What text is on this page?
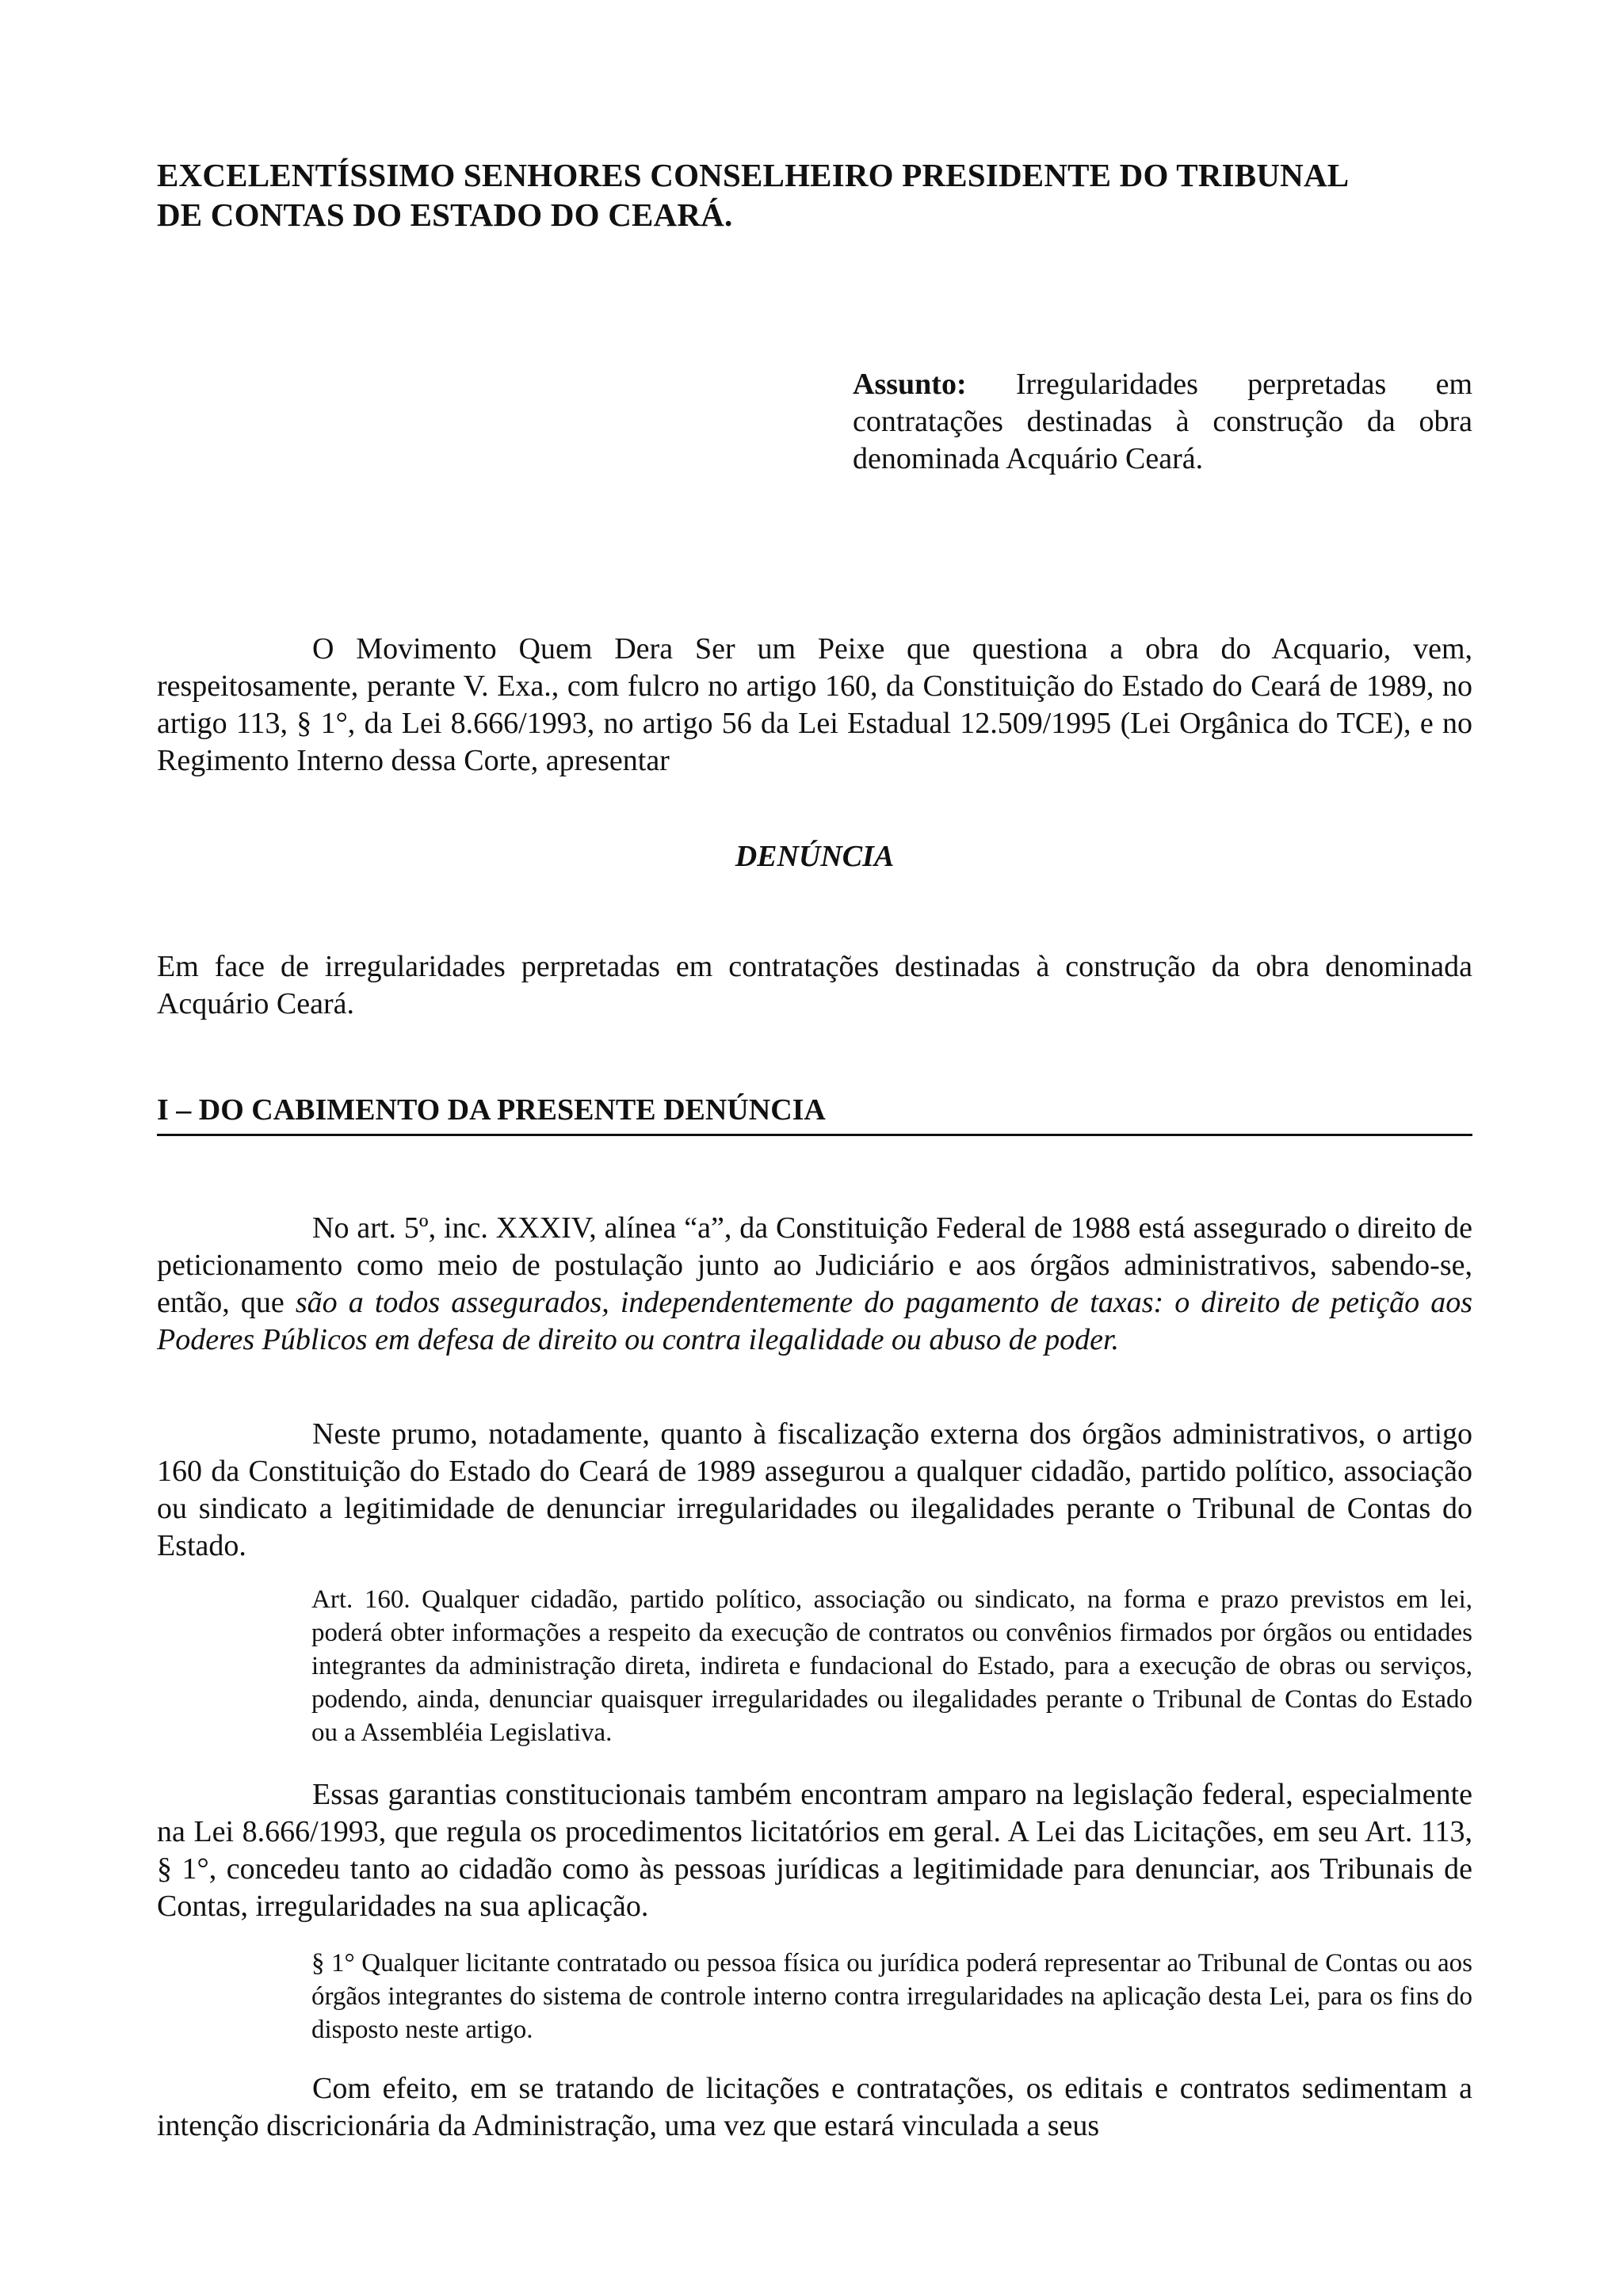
EXCELENTÍSSIMO SENHORES CONSELHEIRO PRESIDENTE DO TRIBUNAL
DE CONTAS DO ESTADO DO CEARÁ.
Assunto: Irregularidades perpretadas em contratações destinadas à construção da obra denominada Acquário Ceará.
O Movimento Quem Dera Ser um Peixe que questiona a obra do Acquario, vem, respeitosamente, perante V. Exa., com fulcro no artigo 160, da Constituição do Estado do Ceará de 1989, no artigo 113, § 1°, da Lei 8.666/1993, no artigo 56 da Lei Estadual 12.509/1995 (Lei Orgânica do TCE), e no Regimento Interno dessa Corte, apresentar
DENÚNCIA
Em face de irregularidades perpretadas em contratações destinadas à construção da obra denominada Acquário Ceará.
I – DO CABIMENTO DA PRESENTE DENÚNCIA
No art. 5º, inc. XXXIV, alínea “a”, da Constituição Federal de 1988 está assegurado o direito de peticionamento como meio de postulação junto ao Judiciário e aos órgãos administrativos, sabendo-se, então, que são a todos assegurados, independentemente do pagamento de taxas: o direito de petição aos Poderes Públicos em defesa de direito ou contra ilegalidade ou abuso de poder.
Neste prumo, notadamente, quanto à fiscalização externa dos órgãos administrativos, o artigo 160 da Constituição do Estado do Ceará de 1989 assegurou a qualquer cidadão, partido político, associação ou sindicato a legitimidade de denunciar irregularidades ou ilegalidades perante o Tribunal de Contas do Estado.
Art. 160. Qualquer cidadão, partido político, associação ou sindicato, na forma e prazo previstos em lei, poderá obter informações a respeito da execução de contratos ou convênios firmados por órgãos ou entidades integrantes da administração direta, indireta e fundacional do Estado, para a execução de obras ou serviços, podendo, ainda, denunciar quaisquer irregularidades ou ilegalidades perante o Tribunal de Contas do Estado ou a Assembléia Legislativa.
Essas garantias constitucionais também encontram amparo na legislação federal, especialmente na Lei 8.666/1993, que regula os procedimentos licitatórios em geral. A Lei das Licitações, em seu Art. 113, § 1°, concedeu tanto ao cidadão como às pessoas jurídicas a legitimidade para denunciar, aos Tribunais de Contas, irregularidades na sua aplicação.
§ 1° Qualquer licitante contratado ou pessoa física ou jurídica poderá representar ao Tribunal de Contas ou aos órgãos integrantes do sistema de controle interno contra irregularidades na aplicação desta Lei, para os fins do disposto neste artigo.
Com efeito, em se tratando de licitações e contratações, os editais e contratos sedimentam a intenção discricionária da Administração, uma vez que estará vinculada a seus
